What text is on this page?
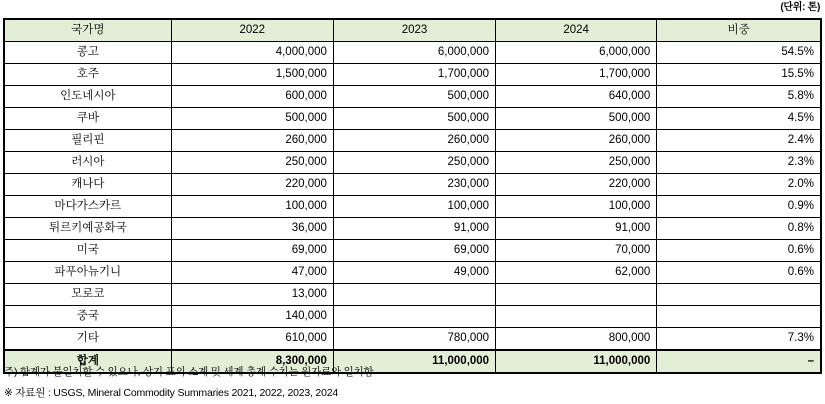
(단위: 톤)
국가명	2022	2023	2024	비중
콩고	4,000,000	6,000,000	6,000,000	54.5%
호주	1,500,000	1,700,000	1,700,000	15.5%
인도네시아	600,000	500,000	640,000	5.8%
쿠바	500,000	500,000	500,000	4.5%
필리핀	260,000	260,000	260,000	2.4%
러시아	250,000	250,000	250,000	2.3%
캐나다	220,000	230,000	220,000	2.0%
마다가스카르	100,000	100,000	100,000	0.9%
튀르키예공화국	36,000	91,000	91,000	0.8%
미국	69,000	69,000	70,000	0.6%
파푸아뉴기니	47,000	49,000	62,000	0.6%
모로코	13,000			
중국	140,000			
기타	610,000	780,000	800,000	7.3%
합계	8,300,000	11,000,000	11,000,000	–
주) 합계가 불일치할 수 있으나, 상기 표의 소계 및 세계 총계 수치는 원자료와 일치함
※ 자료원 : USGS, Mineral Commodity Summaries 2021, 2022, 2023, 2024
